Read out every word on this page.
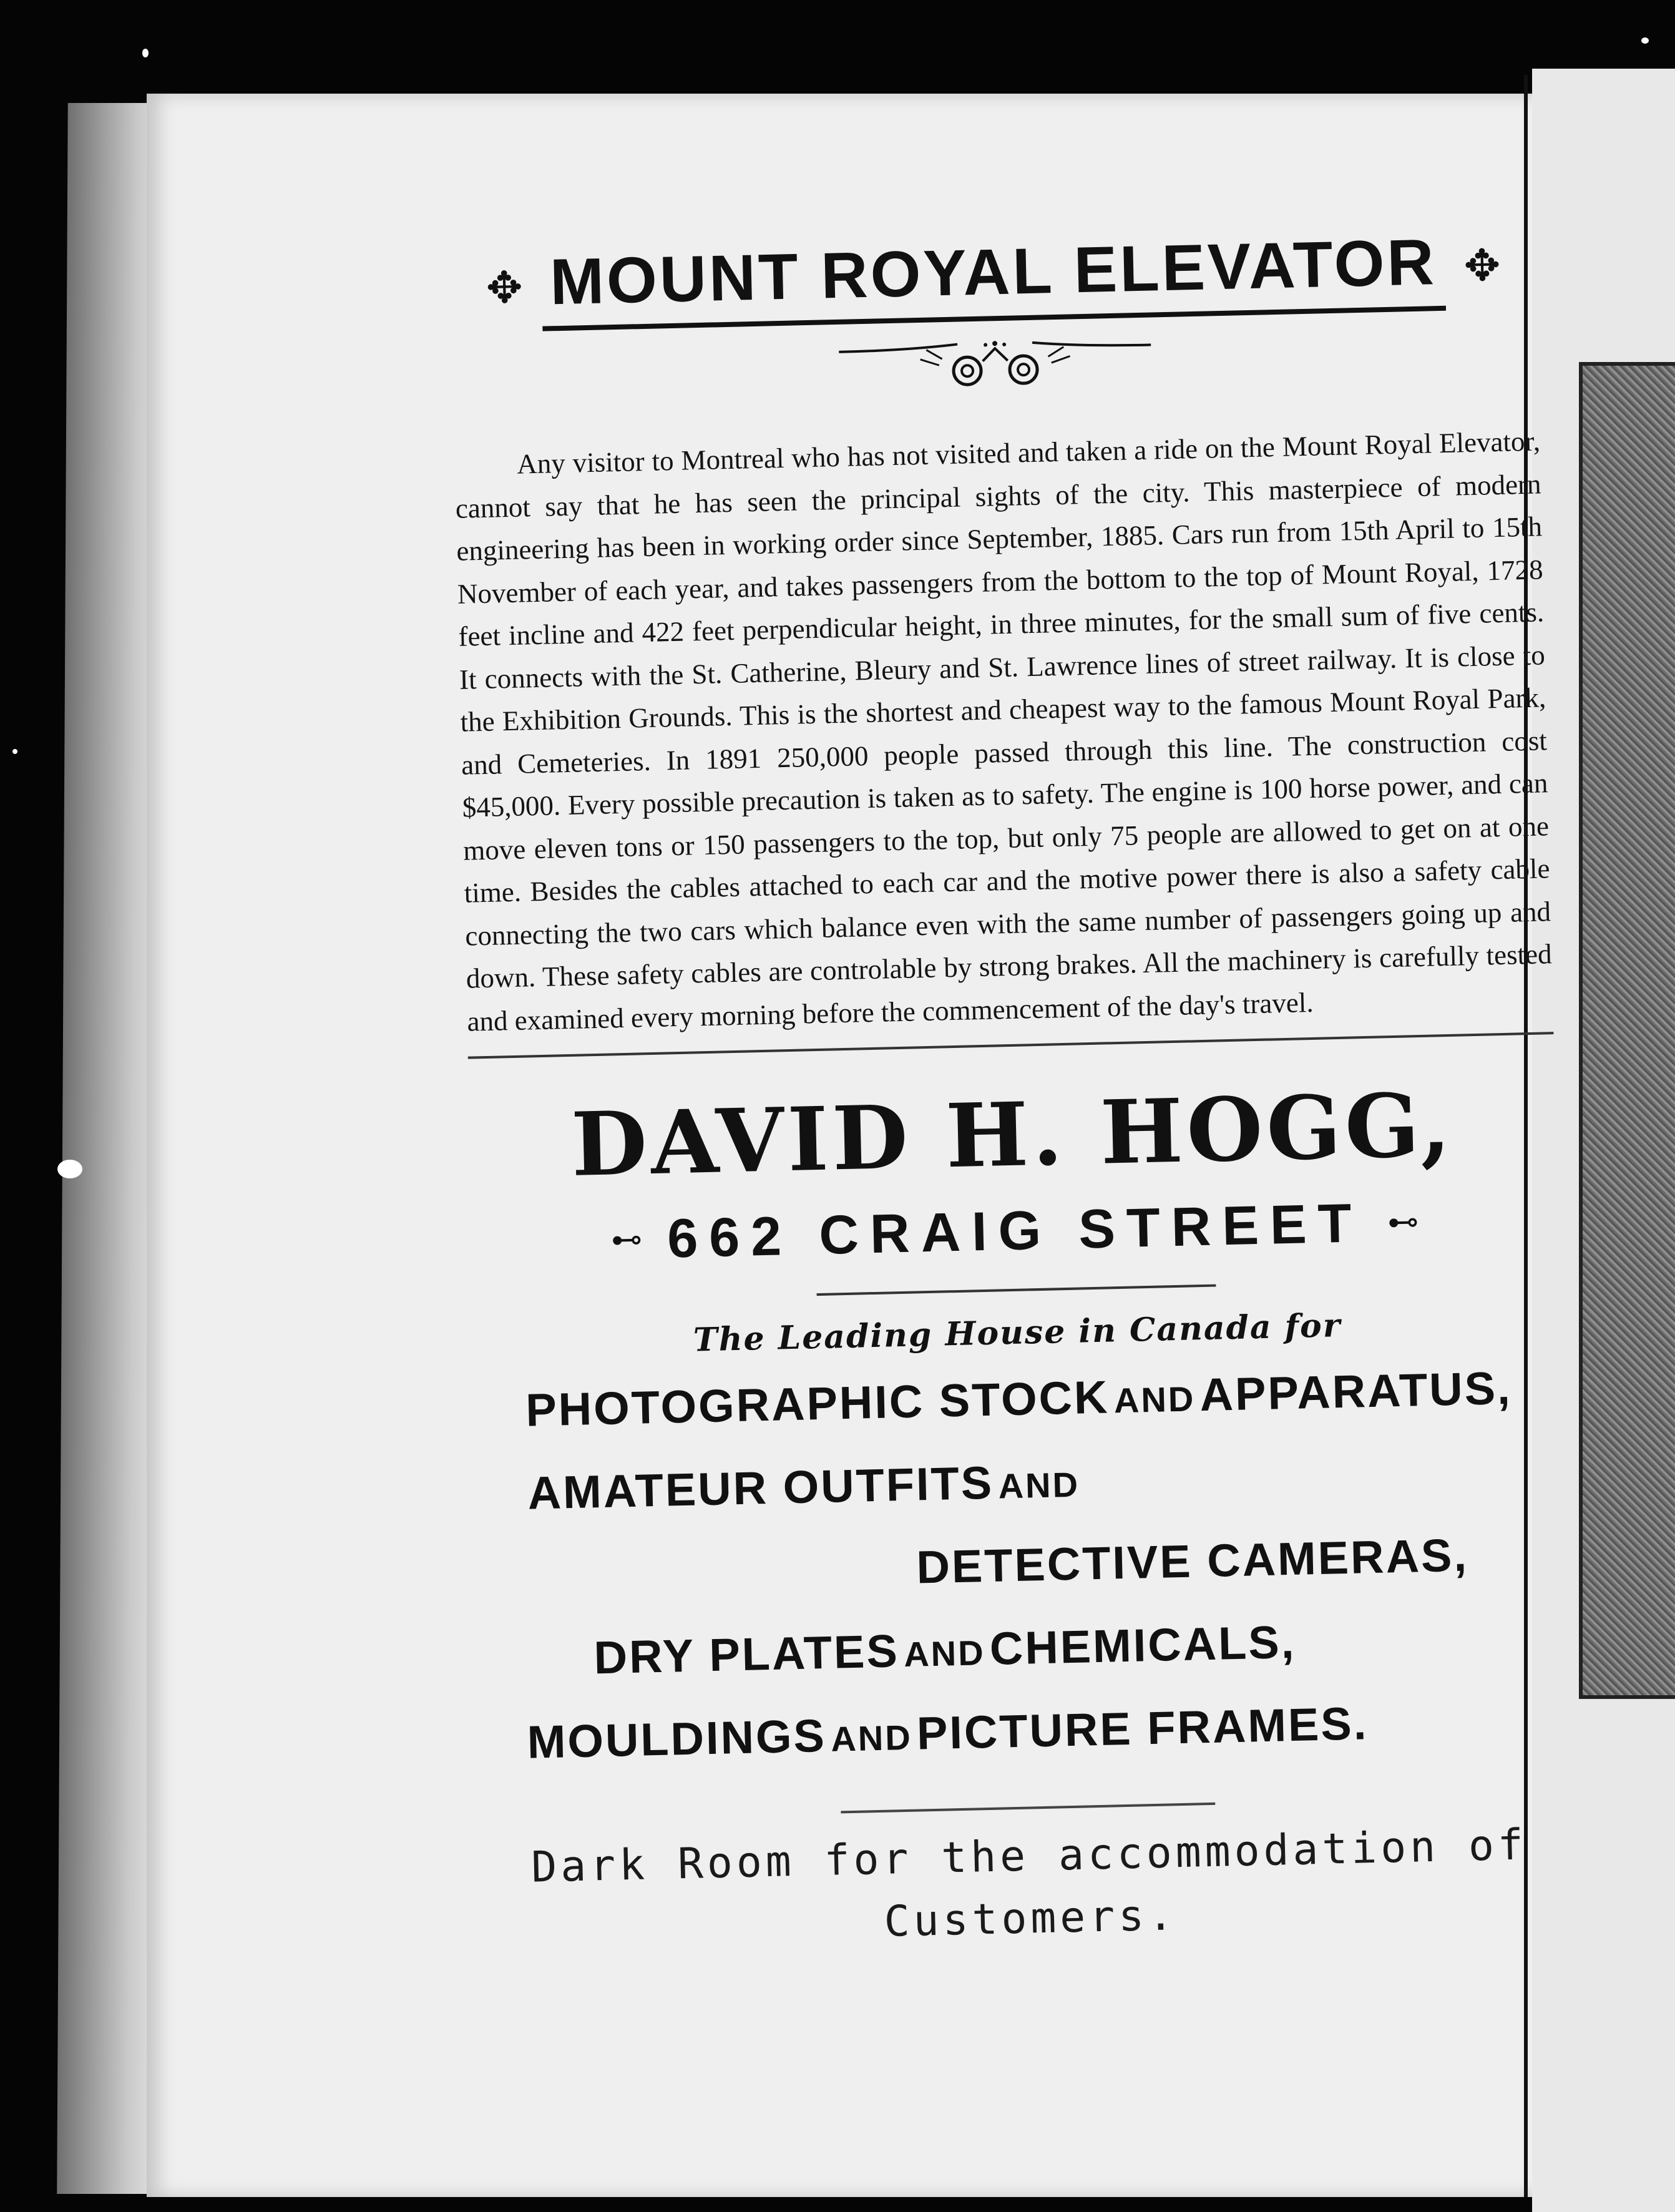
✥ MOUNT ROYAL ELEVATOR ✥

Any visitor to Montreal who has not visited and taken a ride on the Mount Royal Elevator, cannot say that he has seen the principal sights of the city. This masterpiece of modern engineering has been in working order since September, 1885. Cars run from 15th April to 15th November of each year, and takes passengers from the bottom to the top of Mount Royal, 1728 feet incline and 422 feet perpendicular height, in three minutes, for the small sum of five cents. It connects with the St. Catherine, Bleury and St. Lawrence lines of street railway. It is close to the Exhibition Grounds. This is the shortest and cheapest way to the famous Mount Royal Park, and Cemeteries. In 1891 250,000 people passed through this line. The construction cost $45,000. Every possible precaution is taken as to safety. The engine is 100 horse power, and can move eleven tons or 150 passengers to the top, but only 75 people are allowed to get on at one time. Besides the cables attached to each car and the motive power there is also a safety cable connecting the two cars which balance even with the same number of passengers going up and down. These safety cables are controlable by strong brakes. All the machinery is carefully tested and examined every morning before the commencement of the day's travel.

DAVID H. HOGG,
⊷ 662 CRAIG STREET ⊷
The Leading House in Canada for
PHOTOGRAPHIC STOCK AND APPARATUS,
AMATEUR OUTFITS AND
DETECTIVE CAMERAS,
DRY PLATES AND CHEMICALS,
MOULDINGS AND PICTURE FRAMES.
Dark Room for the accommodation of
Customers.
